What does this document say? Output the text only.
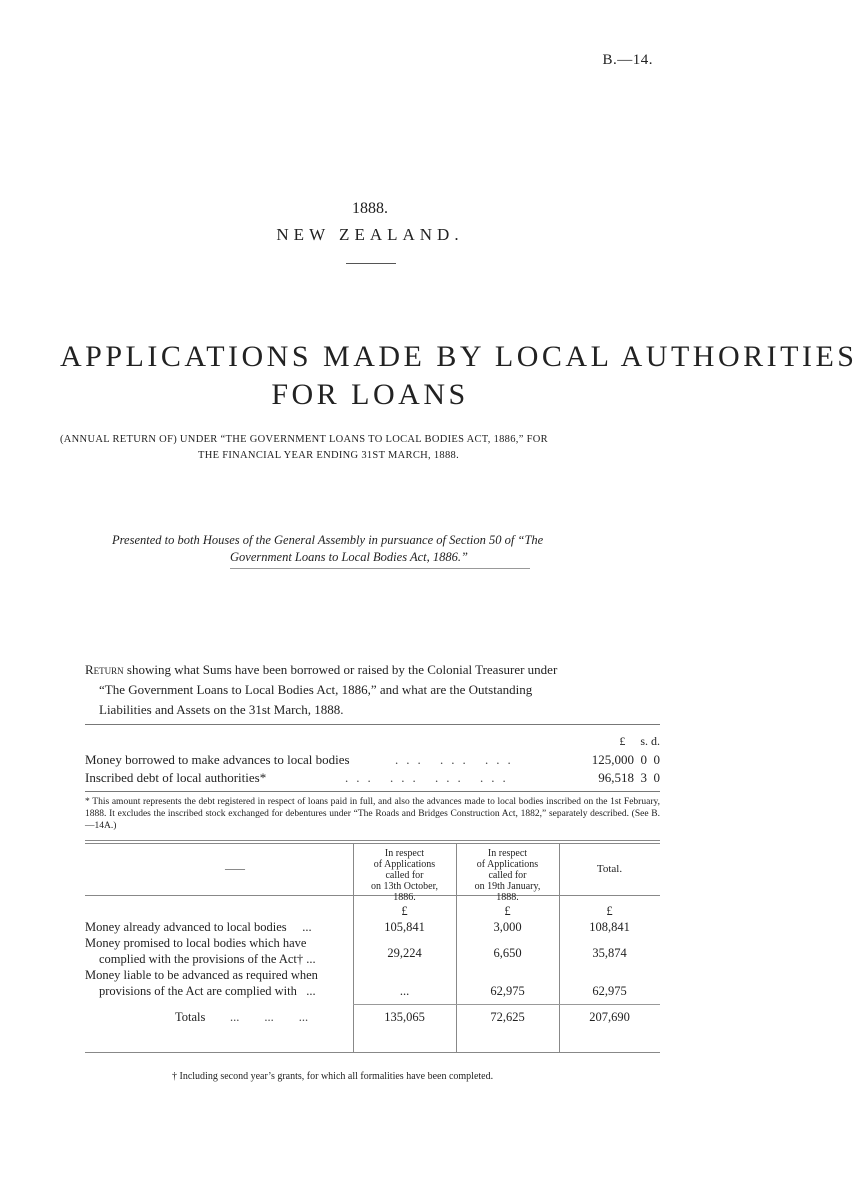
B.—14.
1888.
NEW ZEALAND.
APPLICATIONS MADE BY LOCAL AUTHORITIES
FOR LOANS
(ANNUAL RETURN OF) UNDER “THE GOVERNMENT LOANS TO LOCAL BODIES ACT, 1886,” FOR
THE FINANCIAL YEAR ENDING 31ST MARCH, 1888.
Presented to both Houses of the General Assembly in pursuance of Section 50 of “The
Government Loans to Local Bodies Act, 1886.”
Return showing what Sums have been borrowed or raised by the Colonial Treasurer under
“The Government Loans to Local Bodies Act, 1886,” and what are the Outstanding
Liabilities and Assets on the 31st March, 1888.
£     s. d.
Money borrowed to make advances to local bodies	... ... ...	125,000  0  0
Inscribed debt of local authorities*	... ... ... ...	96,518  3  0
* This amount represents the debt registered in respect of loans paid in full, and also the advances made to local bodies inscribed on the 1st February, 1888. It excludes the inscribed stock exchanged for debentures under “The Roads and Bridges Construction Act, 1882,” separately described. (See B.—14A.)
——
In respect
of Applications
called for
on 13th October,
1886.
In respect
of Applications
called for
on 19th January,
1888.
Total.
£	£	£
Money already advanced to local bodies     ...	105,841	3,000	108,841
Money promised to local bodies which have
complied with the provisions of the Act† ...	29,224	6,650	35,874
Money liable to be advanced as required when
provisions of the Act are complied with   ...	...	62,975	62,975
Totals ...        ...        ...	135,065	72,625	207,690
† Including second year’s grants, for which all formalities have been completed.
